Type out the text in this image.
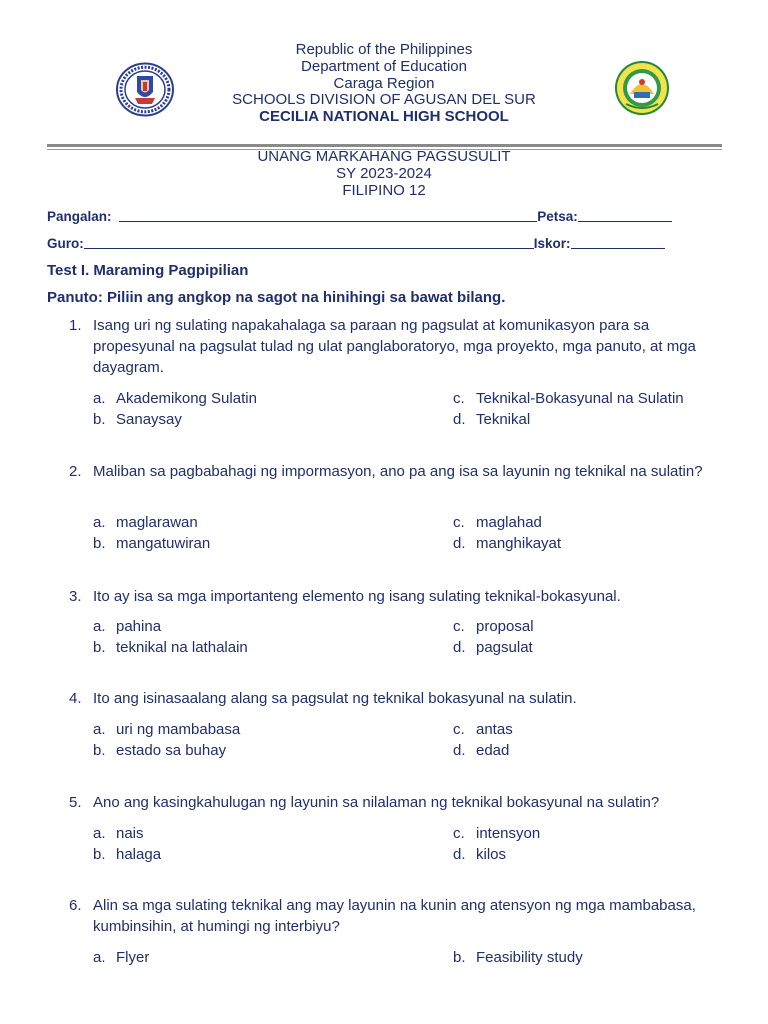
Republic of the Philippines
Department of Education
Caraga Region
SCHOOLS DIVISION OF AGUSAN DEL SUR
CECILIA NATIONAL HIGH SCHOOL
UNANG MARKAHANG PAGSUSULIT
SY 2023-2024
FILIPINO 12
Pangalan:	Petsa:
Guro:	Iskor:
Test I. Maraming Pagpipilian
Panuto: Piliin ang angkop na sagot na hinihingi sa bawat bilang.
1. Isang uri ng sulating napakahalaga sa paraan ng pagsulat at komunikasyon para sa propesyunal na pagsulat tulad ng ulat panglaboratoryo, mga proyekto, mga panuto, at mga dayagram.
a. Akademikong Sulatin
b. Sanaysay
c. Teknikal-Bokasyunal na Sulatin
d. Teknikal
2. Maliban sa pagbabahagi ng impormasyon, ano pa ang isa sa layunin ng teknikal na sulatin?
a. maglarawan
b. mangatuwiran
c. maglahad
d. manghikayat
3. Ito ay isa sa mga importanteng elemento ng isang sulating teknikal-bokasyunal.
a. pahina
b. teknikal na lathalain
c. proposal
d. pagsulat
4. Ito ang isinasaalang alang sa pagsulat ng teknikal bokasyunal na sulatin.
a. uri ng mambabasa
b. estado sa buhay
c. antas
d. edad
5. Ano ang kasingkahulugan ng layunin sa nilalaman ng teknikal bokasyunal na sulatin?
a. nais
b. halaga
c. intensyon
d. kilos
6. Alin sa mga sulating teknikal ang may layunin na kunin ang atensyon ng mga mambabasa, kumbinsihin, at humingi ng interbiyu?
a. Flyer	b. Feasibility study
